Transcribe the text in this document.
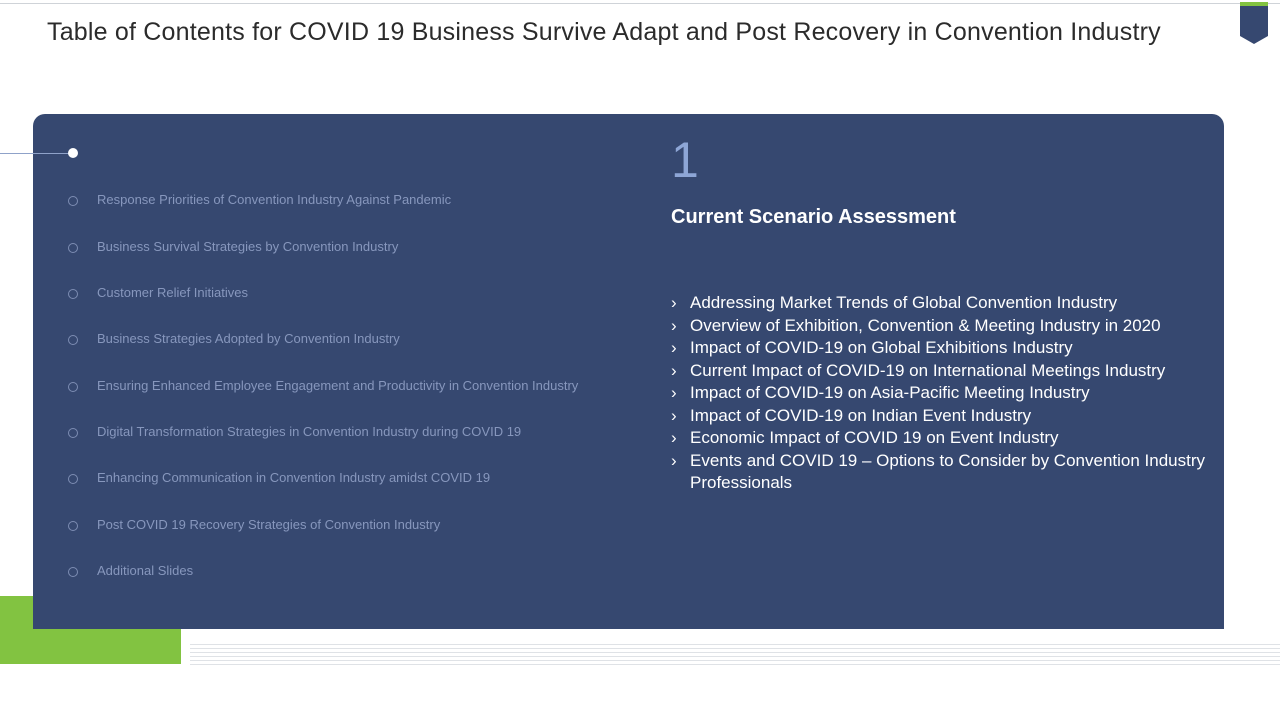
Table of Contents for COVID 19 Business Survive Adapt and Post Recovery in Convention Industry
Response Priorities of Convention Industry Against Pandemic
Business Survival Strategies by Convention Industry
Customer Relief Initiatives
Business Strategies Adopted by Convention Industry
Ensuring Enhanced Employee Engagement and Productivity in Convention Industry
Digital Transformation Strategies in Convention Industry during COVID 19
Enhancing Communication in Convention Industry amidst COVID 19
Post COVID 19 Recovery Strategies of Convention Industry
Additional Slides
1
Current Scenario Assessment
› Addressing Market Trends of Global Convention Industry
› Overview of Exhibition, Convention & Meeting Industry in 2020
› Impact of COVID-19 on Global Exhibitions Industry
› Current Impact of COVID-19 on International Meetings Industry
› Impact of COVID-19 on Asia-Pacific Meeting Industry
› Impact of COVID-19 on Indian Event Industry
› Economic Impact of COVID 19 on Event Industry
› Events and COVID 19 – Options to Consider by Convention Industry Professionals
